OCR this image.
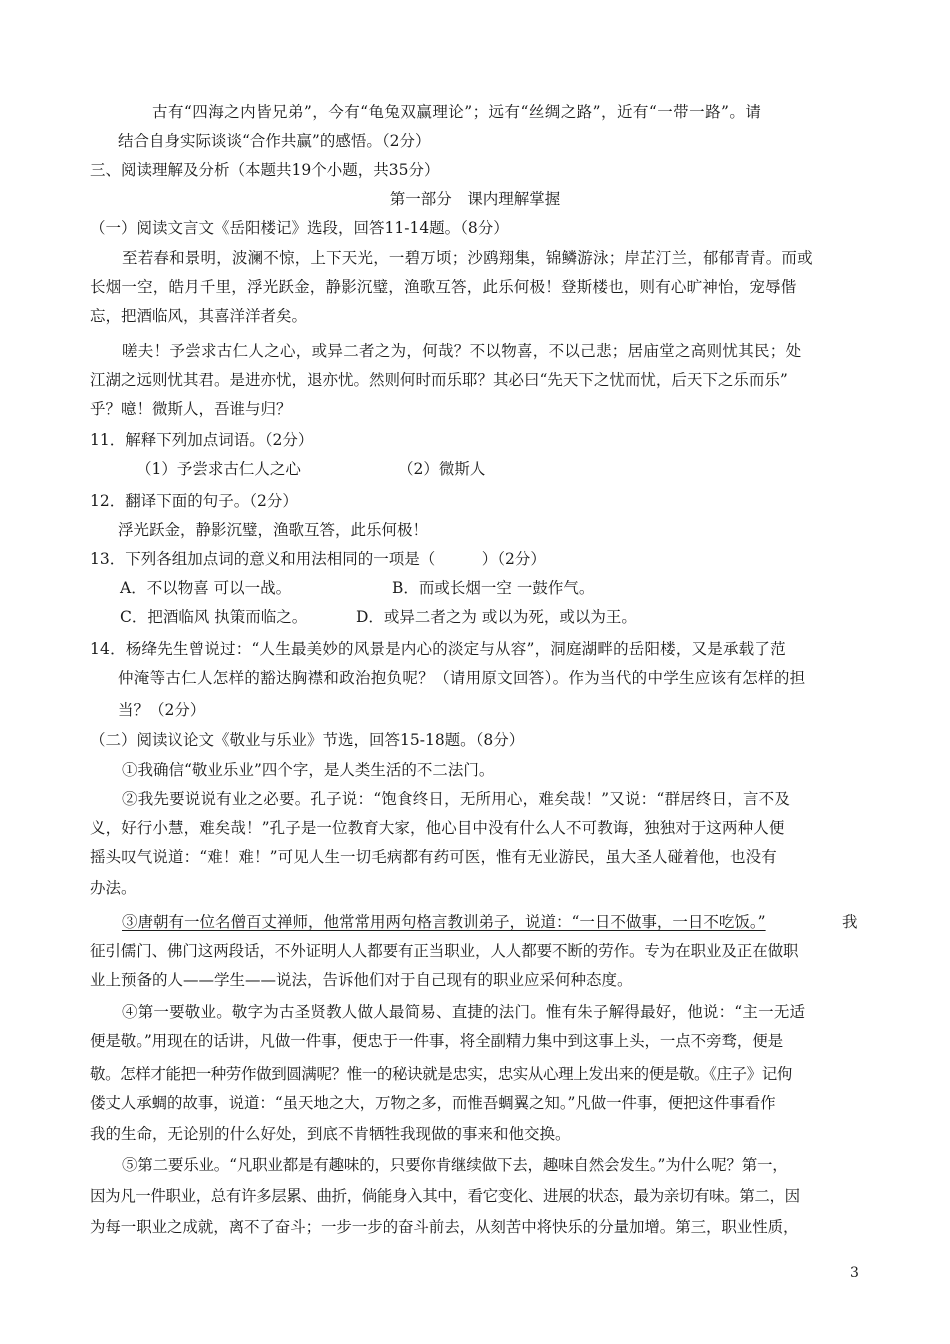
古有“四海之内皆兄弟”，今有“龟兔双赢理论”；远有“丝绸之路”，近有“一带一路”。请
结合自身实际谈谈“合作共赢”的感悟。（2分）
三、阅读理解及分析（本题共19个小题，共35分）
第一部分　课内理解掌握
（一）阅读文言文《岳阳楼记》选段，回答11-14题。（8分）
至若春和景明，波澜不惊，上下天光，一碧万顷；沙鸥翔集，锦鳞游泳；岸芷汀兰，郁郁青青。而或
长烟一空，皓月千里，浮光跃金，静影沉璧，渔歌互答，此乐何极！登斯楼也，则有心旷神怡，宠辱偕
忘，把酒临风，其喜洋洋者矣。
嗟夫！予尝求古仁人之心，或异二者之为，何哉？不以物喜，不以己悲；居庙堂之高则忧其民；处
江湖之远则忧其君。是进亦忧，退亦忧。然则何时而乐耶？其必曰“先天下之忧而忧，后天下之乐而乐”
乎？噫！微斯人，吾谁与归？
11．解释下列加点词语。（2分）
（1）予尝求古仁人之心	（2）微斯人
12．翻译下面的句子。（2分）
浮光跃金，静影沉璧，渔歌互答，此乐何极！
13．下列各组加点词的意义和用法相同的一项是（　　　）（2分）
A．不以物喜 可以一战。	B．而或长烟一空 一鼓作气。
C．把酒临风 执策而临之。	D．或异二者之为 或以为死，或以为王。
14．杨绛先生曾说过：“人生最美妙的风景是内心的淡定与从容”，洞庭湖畔的岳阳楼，又是承载了范
仲淹等古仁人怎样的豁达胸襟和政治抱负呢？（请用原文回答）。作为当代的中学生应该有怎样的担
当？（2分）
（二）阅读议论文《敬业与乐业》节选，回答15-18题。（8分）
①我确信“敬业乐业”四个字，是人类生活的不二法门。
②我先要说说有业之必要。孔子说：“饱食终日，无所用心，难矣哉！”又说：“群居终日，言不及
义，好行小慧，难矣哉！”孔子是一位教育大家，他心目中没有什么人不可教诲，独独对于这两种人便
摇头叹气说道：“难！难！”可见人生一切毛病都有药可医，惟有无业游民，虽大圣人碰着他，也没有
办法。
③唐朝有一位名僧百丈禅师，他常常用两句格言教训弟子，说道：“一日不做事，一日不吃饭。”	我
征引儒门、佛门这两段话，不外证明人人都要有正当职业，人人都要不断的劳作。专为在职业及正在做职
业上预备的人——学生——说法，告诉他们对于自己现有的职业应采何种态度。
④第一要敬业。敬字为古圣贤教人做人最简易、直捷的法门。惟有朱子解得最好，他说：“主一无适
便是敬。”用现在的话讲，凡做一件事，便忠于一件事，将全副精力集中到这事上头，一点不旁骛，便是
敬。怎样才能把一种劳作做到圆满呢？惟一的秘诀就是忠实，忠实从心理上发出来的便是敬。《庄子》记佝
偻丈人承蜩的故事，说道：“虽天地之大，万物之多，而惟吾蜩翼之知。”凡做一件事，便把这件事看作
我的生命，无论别的什么好处，到底不肯牺牲我现做的事来和他交换。
⑤第二要乐业。“凡职业都是有趣味的，只要你肯继续做下去，趣味自然会发生。”为什么呢？第一，
因为凡一件职业，总有许多层累、曲折，倘能身入其中，看它变化、进展的状态，最为亲切有味。第二，因
为每一职业之成就，离不了奋斗；一步一步的奋斗前去，从刻苦中将快乐的分量加增。第三，职业性质，
3
